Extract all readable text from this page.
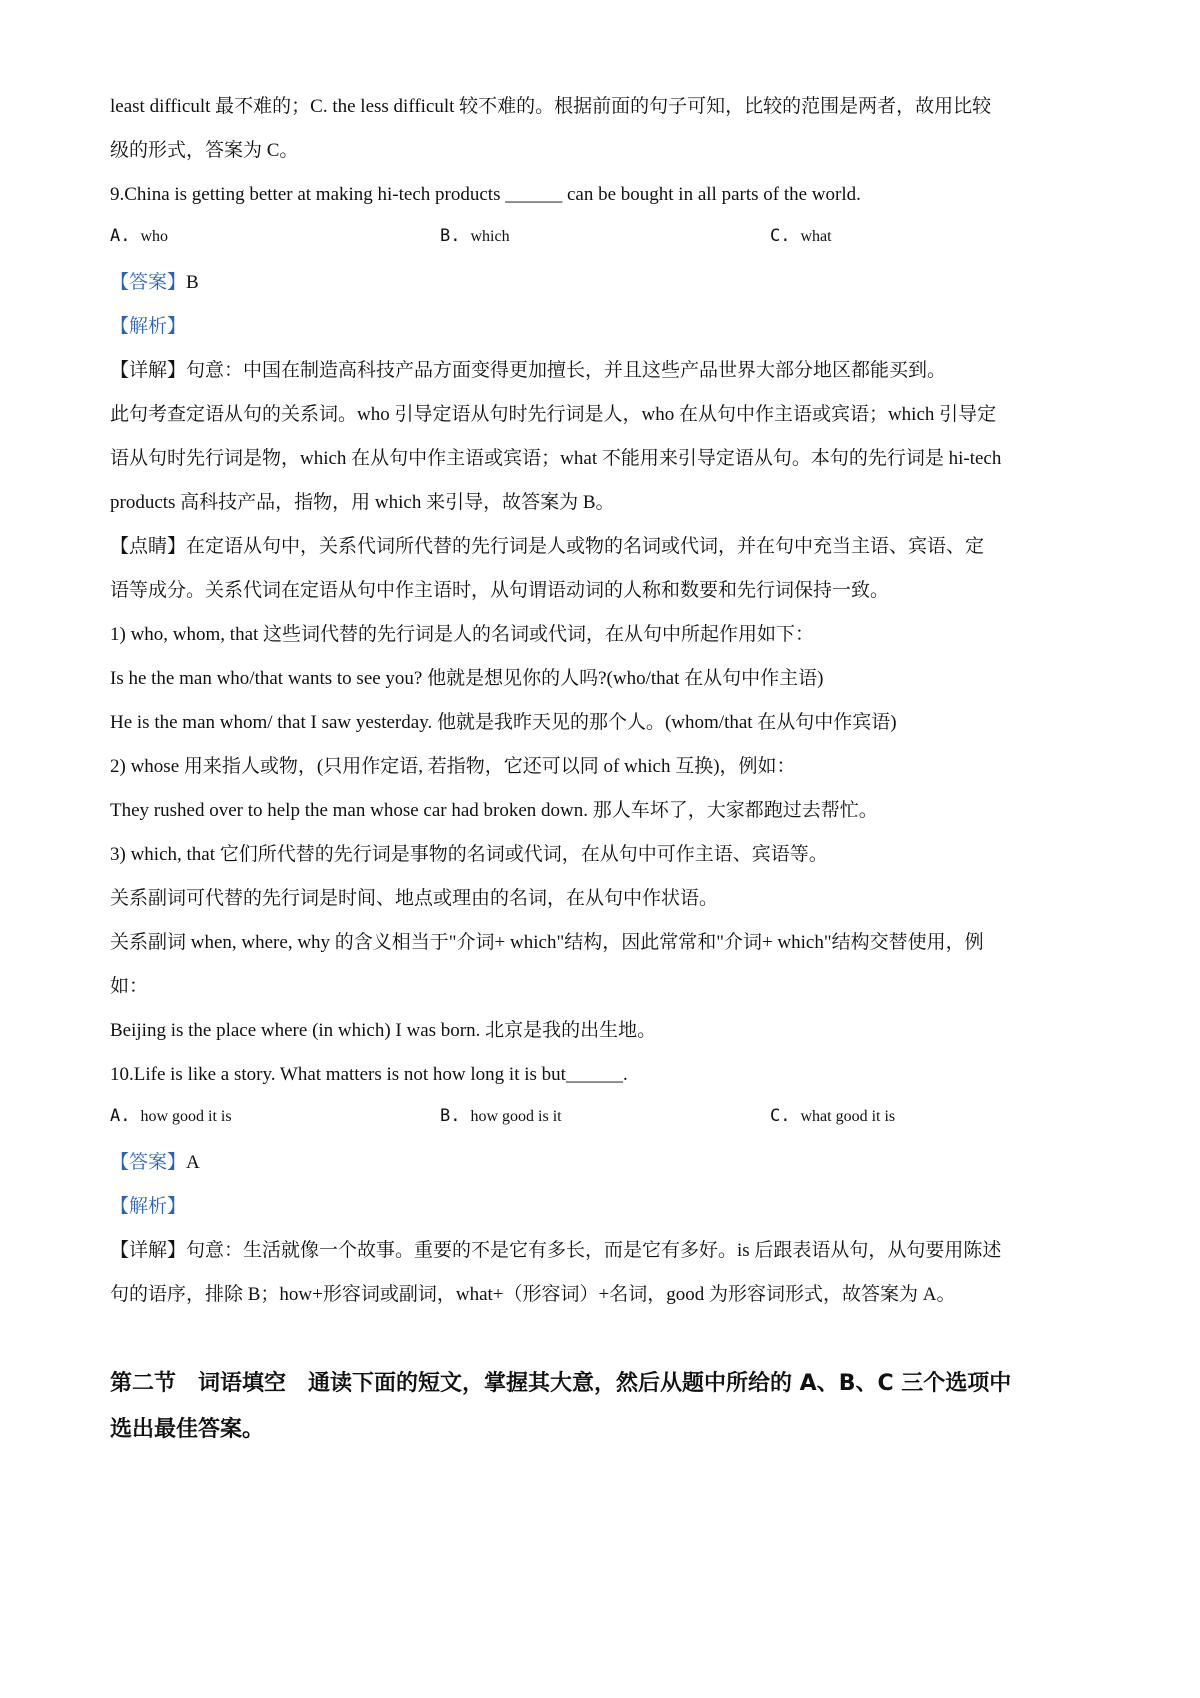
least difficult 最不难的；C. the less difficult 较不难的。根据前面的句子可知，比较的范围是两者，故用比较
级的形式，答案为 C。
9.China is getting better at making hi-tech products ______ can be bought in all parts of the world.
A. who	B. which	C. what
【答案】B
【解析】
【详解】句意：中国在制造高科技产品方面变得更加擅长，并且这些产品世界大部分地区都能买到。
此句考查定语从句的关系词。who 引导定语从句时先行词是人，who 在从句中作主语或宾语；which 引导定
语从句时先行词是物，which 在从句中作主语或宾语；what 不能用来引导定语从句。本句的先行词是 hi-tech
products 高科技产品，指物，用 which 来引导，故答案为 B。
【点睛】在定语从句中，关系代词所代替的先行词是人或物的名词或代词，并在句中充当主语、宾语、定
语等成分。关系代词在定语从句中作主语时，从句谓语动词的人称和数要和先行词保持一致。
1) who, whom, that 这些词代替的先行词是人的名词或代词，在从句中所起作用如下：
Is he the man who/that wants to see you? 他就是想见你的人吗?(who/that 在从句中作主语)
He is the man whom/ that I saw yesterday. 他就是我昨天见的那个人。(whom/that 在从句中作宾语)
2) whose 用来指人或物，(只用作定语, 若指物，它还可以同 of which 互换)，例如：
They rushed over to help the man whose car had broken down. 那人车坏了，大家都跑过去帮忙。
3) which, that 它们所代替的先行词是事物的名词或代词，在从句中可作主语、宾语等。
关系副词可代替的先行词是时间、地点或理由的名词，在从句中作状语。
关系副词 when, where, why 的含义相当于"介词+ which"结构，因此常常和"介词+ which"结构交替使用，例
如：
Beijing is the place where (in which) I was born. 北京是我的出生地。
10.Life is like a story. What matters is not how long it is but______.
A. how good it is	B. how good is it	C. what good it is
【答案】A
【解析】
【详解】句意：生活就像一个故事。重要的不是它有多长，而是它有多好。is 后跟表语从句，从句要用陈述
句的语序，排除 B；how+形容词或副词，what+（形容词）+名词，good 为形容词形式，故答案为 A。
第二节　词语填空　通读下面的短文，掌握其大意，然后从题中所给的 A、B、C 三个选项中
选出最佳答案。
